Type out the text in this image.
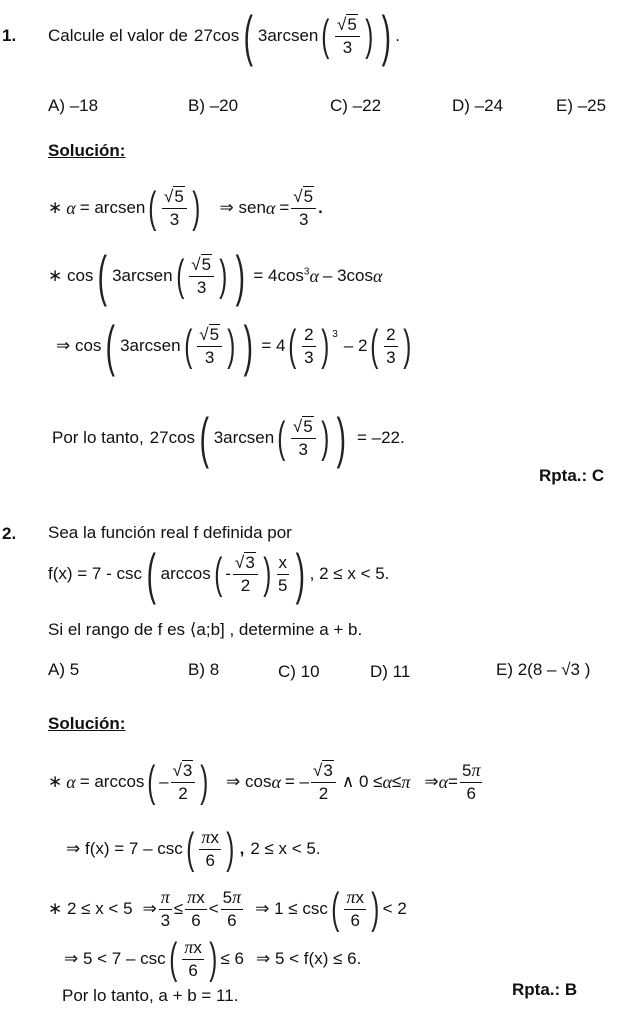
1. Calcule el valor de 27cos ( 3arcsen ( $\frac{√5}{3}$ ) ) .
A) –18	B) –20	C) –22	D) –24	E) –25
Solución:
∗ α = arcsen ( $\frac{√5}{3}$ ) ⇒ sen $\alpha = \frac{√5}{3}$ .
∗ cos ( 3arcsen ( $\frac{√5}{3}$ ) ) = $4\cos^3$ α – 3cos α
⇒ cos ( 3arcsen ( $\frac{√5}{3}$ ) ) = 4 ( $\frac{2}{3}$ ) $^3$
– 2 ( $\frac{2}{3}$ )
Por lo tanto, 27cos ( 3arcsen ( $\frac{√5}{3}$ ) ) = –22.
Rpta.: C
2. Sea la función real f definida por
f(x) = 7 - csc ( arccos ( - $\frac{√3}{2}$ ) $\frac{x}{5}$ ) , 2 ≤ x < 5.
Si el rango de f es ⟨a;b] , determine a + b.
A) 5	B) 8	C) 10	D) 11	E) 2(8 – √3 )
Solución:
∗ α = arccos ( – $\frac{√3}{2}$ ) ⇒ cos α = – $\frac{√3}{2}$ ∧ 0 ≤ α ≤ π ⇒ $\alpha = \frac{5\pi}{6}$
⇒ f(x) = 7 – csc ( $\frac{\pi x}{6}$ ) , 2 ≤ x < 5.
∗ 2 ≤ x < 5 ⇒ $\frac{\pi}{3} \le \frac{\pi x}{6} < \frac{5\pi}{6}$ ⇒ 1 ≤ csc ( $\frac{\pi x}{6}$ ) < 2
⇒ 5 < 7 – csc ( $\frac{\pi x}{6}$ ) ≤ 6 ⇒ 5 < f(x) ≤ 6.
Por lo tanto, a + b = 11.	Rpta.: B
